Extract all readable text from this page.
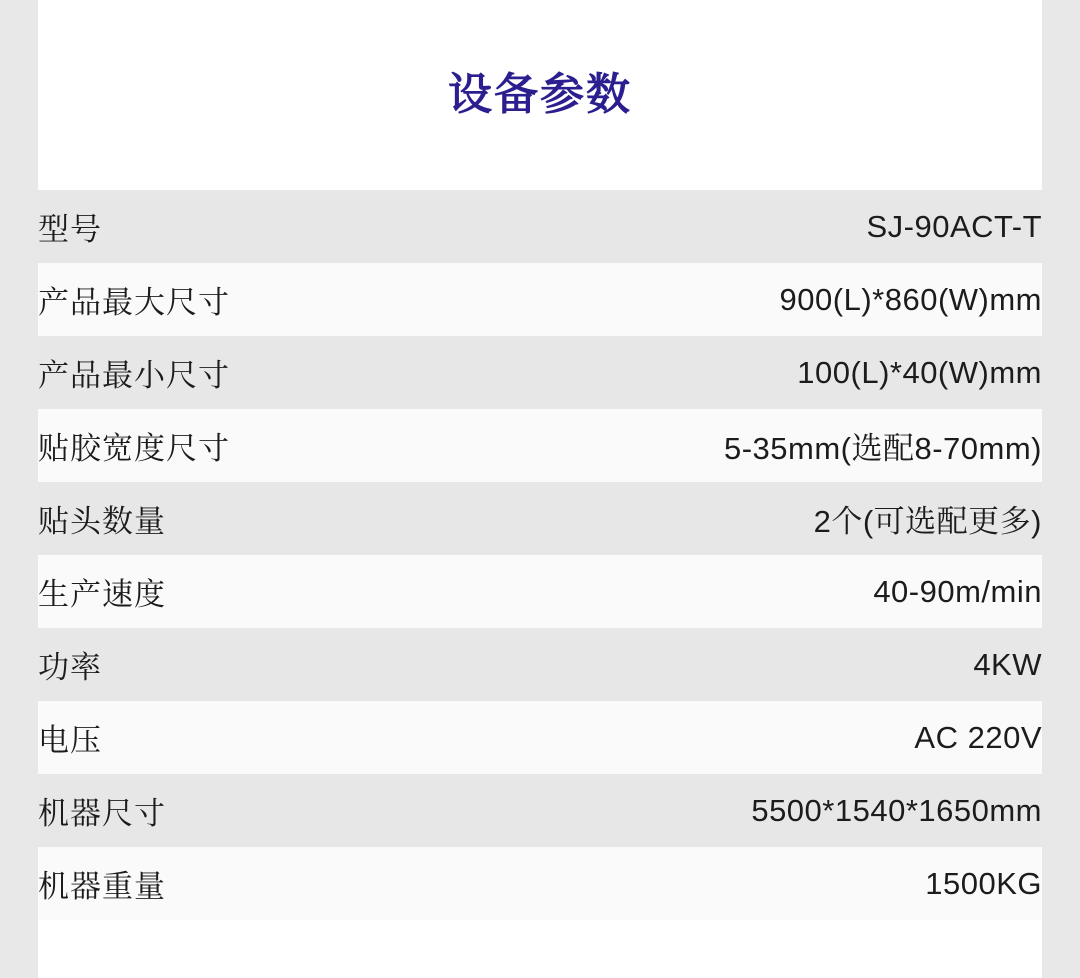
设备参数
型号	SJ-90ACT-T
产品最大尺寸	900(L)*860(W)mm
产品最小尺寸	100(L)*40(W)mm
贴胶宽度尺寸	5-35mm(选配8-70mm)
贴头数量	2个(可选配更多)
生产速度	40-90m/min
功率	4KW
电压	AC 220V
机器尺寸	5500*1540*1650mm
机器重量	1500KG
